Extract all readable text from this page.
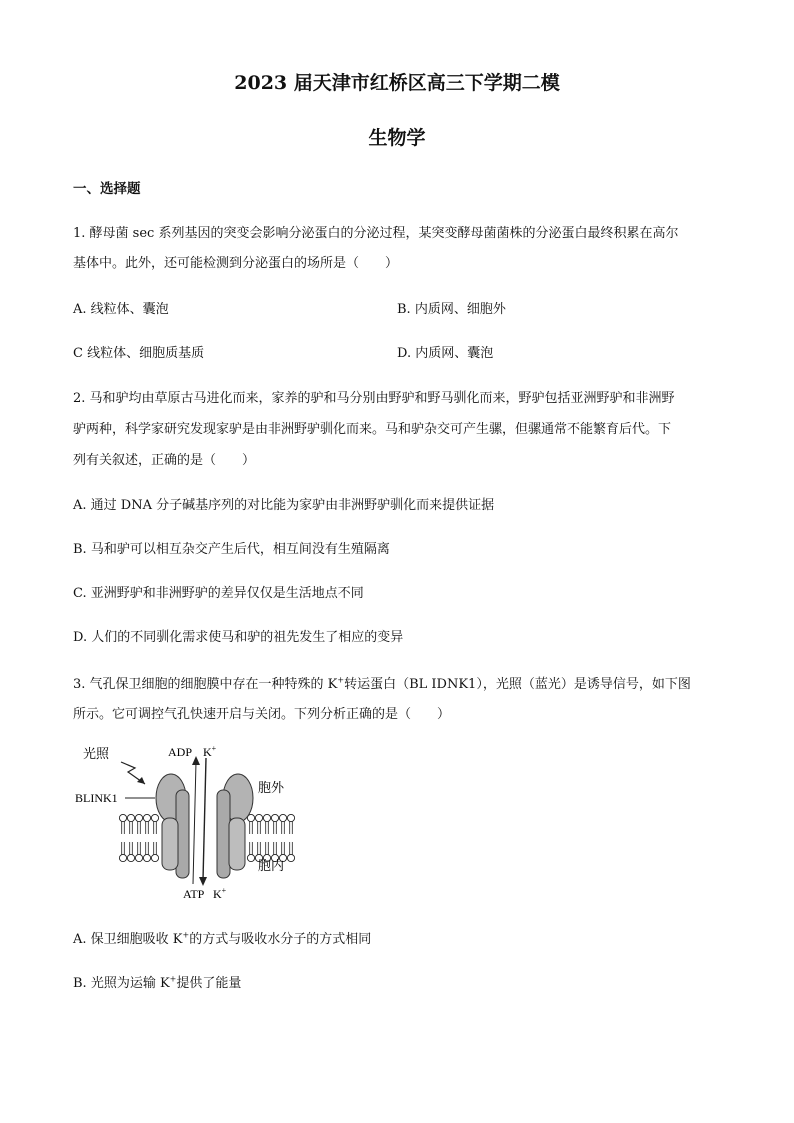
2023 届天津市红桥区高三下学期二模
生物学
一、选择题
1. 酵母菌 sec 系列基因的突变会影响分泌蛋白的分泌过程，某突变酵母菌菌株的分泌蛋白最终积累在高尔
基体中。此外，还可能检测到分泌蛋白的场所是（　　）
A. 线粒体、囊泡	B. 内质网、细胞外
C 线粒体、细胞质基质	D. 内质网、囊泡
2. 马和驴均由草原古马进化而来，家养的驴和马分别由野驴和野马驯化而来，野驴包括亚洲野驴和非洲野
驴两种，科学家研究发现家驴是由非洲野驴驯化而来。马和驴杂交可产生骡，但骡通常不能繁育后代。下
列有关叙述，正确的是（　　）
A. 通过 DNA 分子碱基序列的对比能为家驴由非洲野驴驯化而来提供证据
B. 马和驴可以相互杂交产生后代，相互间没有生殖隔离
C. 亚洲野驴和非洲野驴的差异仅仅是生活地点不同
D. 人们的不同驯化需求使马和驴的祖先发生了相应的变异
3. 气孔保卫细胞的细胞膜中存在一种特殊的 K+转运蛋白（BL IDNK1），光照（蓝光）是诱导信号，如下图
所示。它可调控气孔快速开启与关闭。下列分析正确的是（　　）
光照	ADP K+
BLINK1
胞外
胞内
ATP K+
A. 保卫细胞吸收 K+的方式与吸收水分子的方式相同
B. 光照为运输 K+提供了能量
